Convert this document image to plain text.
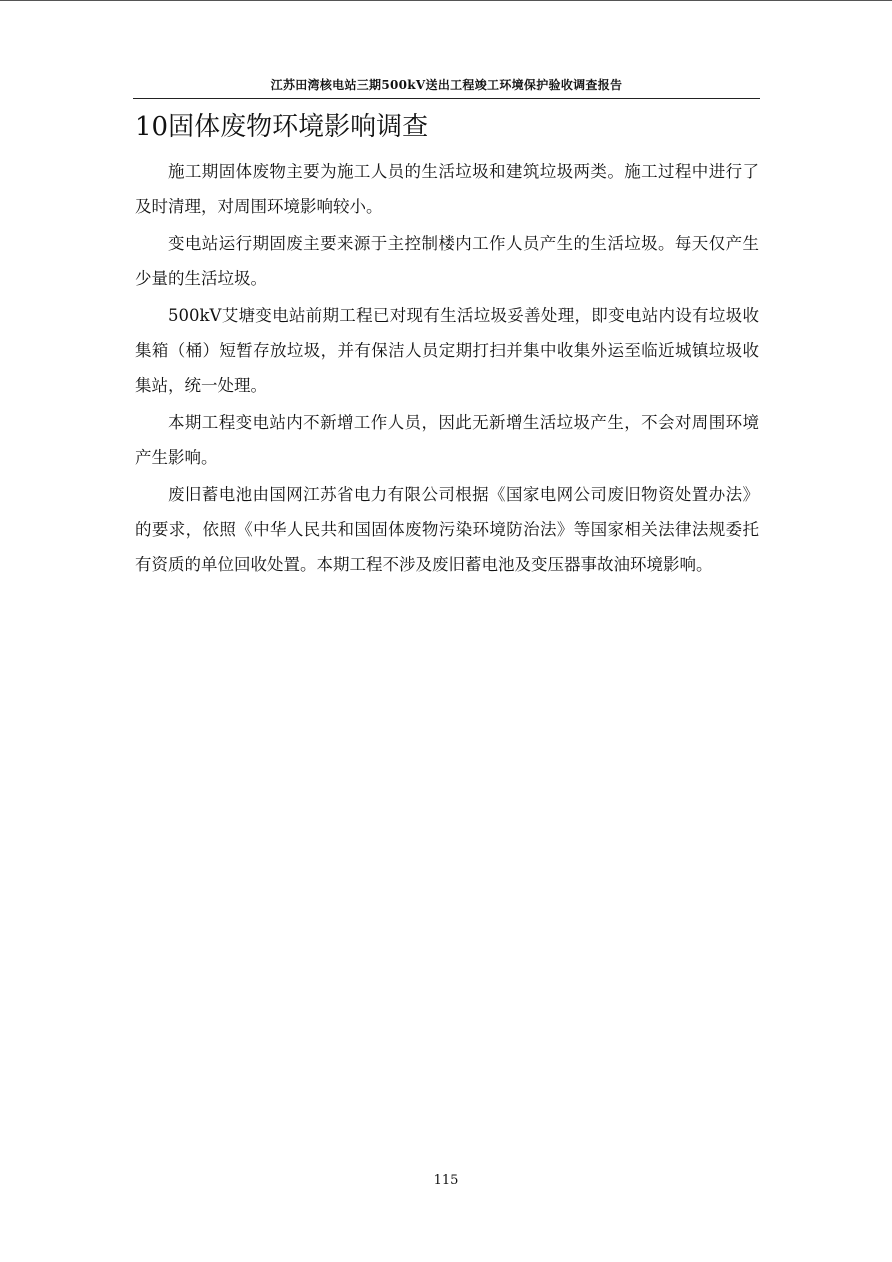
江苏田湾核电站三期500kV送出工程竣工环境保护验收调查报告
10固体废物环境影响调查

施工期固体废物主要为施工人员的生活垃圾和建筑垃圾两类。施工过程中进行了及时清理，对周围环境影响较小。

变电站运行期固废主要来源于主控制楼内工作人员产生的生活垃圾。每天仅产生少量的生活垃圾。

500kV艾塘变电站前期工程已对现有生活垃圾妥善处理，即变电站内设有垃圾收集箱（桶）短暂存放垃圾，并有保洁人员定期打扫并集中收集外运至临近城镇垃圾收集站，统一处理。

本期工程变电站内不新增工作人员，因此无新增生活垃圾产生，不会对周围环境产生影响。

废旧蓄电池由国网江苏省电力有限公司根据《国家电网公司废旧物资处置办法》的要求，依照《中华人民共和国固体废物污染环境防治法》等国家相关法律法规委托有资质的单位回收处置。本期工程不涉及废旧蓄电池及变压器事故油环境影响。

115
